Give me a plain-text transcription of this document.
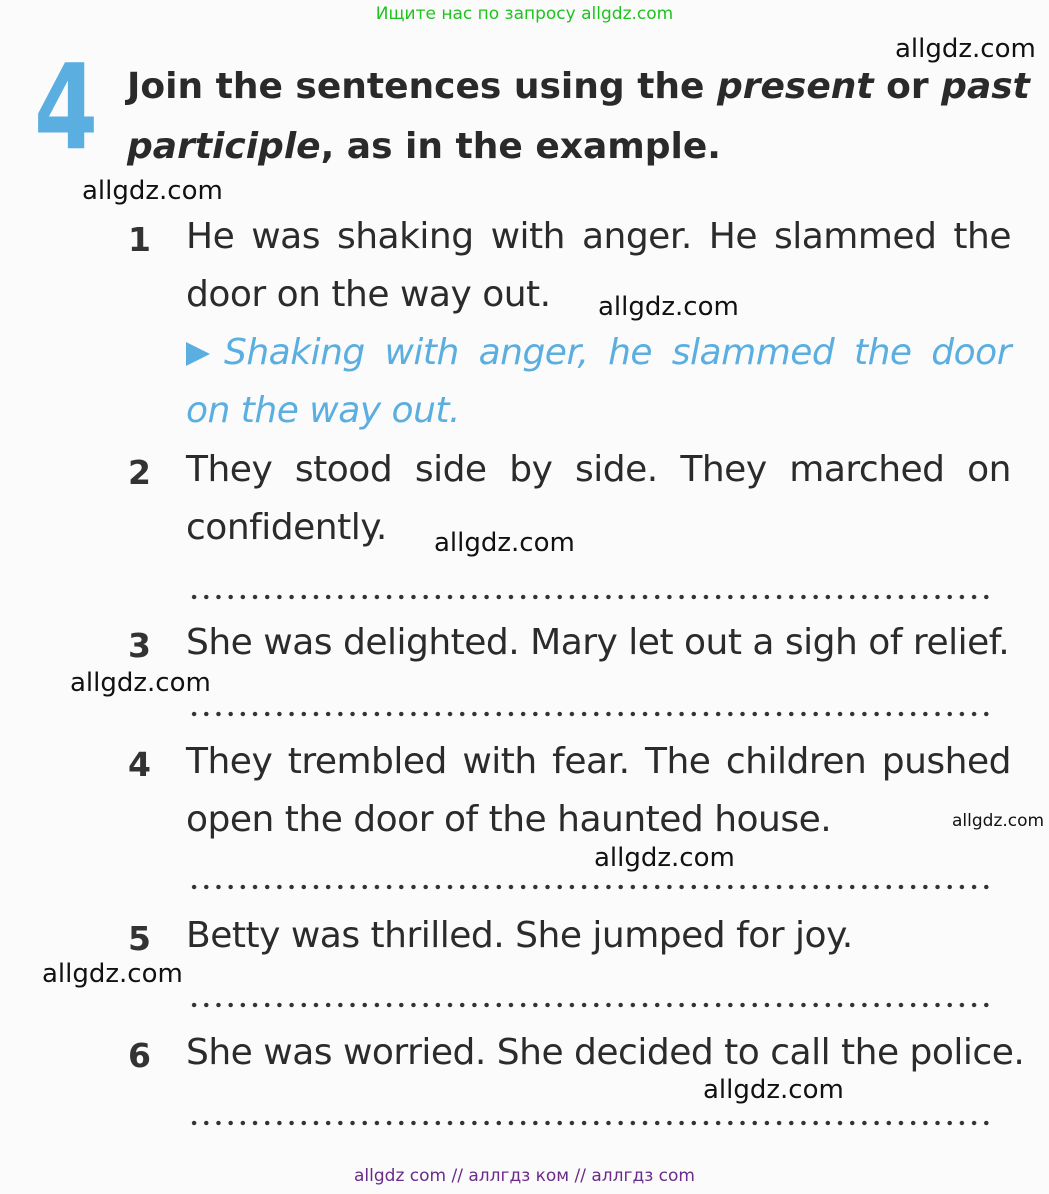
Ищите нас по запросу allgdz.com
allgdz.com
allgdz.com
allgdz.com
allgdz.com
allgdz.com
allgdz.com
allgdz.com
allgdz.com
allgdz.com
4 Join the sentences using the present or past
participle, as in the example.
1 He was shaking with anger. He slammed the
door on the way out.
Shaking with anger, he slammed the door
on the way out.
2 They stood side by side. They marched on
confidently.
3 She was delighted. Mary let out a sigh of relief.
4 They trembled with fear. The children pushed
open the door of the haunted house.
5 Betty was thrilled. She jumped for joy.
6 She was worried. She decided to call the police.
allgdz com // аллгдз ком // аллгдз com
